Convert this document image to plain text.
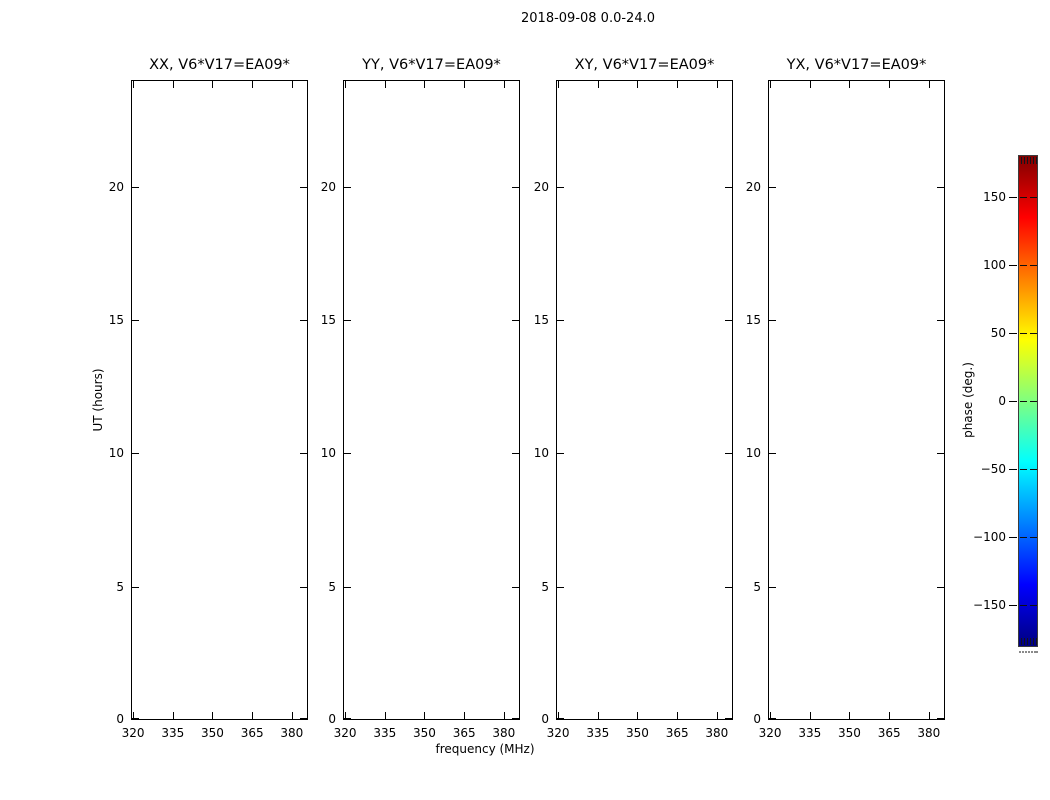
2018-09-08 0.0-24.0
XX, V6*V17=EA09*
320 335 350 365 380
0
5
10
15
20
YY, V6*V17=EA09*
320 335 350 365 380
0
5
10
15
20
XY, V6*V17=EA09*
320 335 350 365 380
0
5
10
15
20
YX, V6*V17=EA09*
320 335 350 365 380
0
5
10
15
20
frequency (MHz)
UT (hours)
150
100
50
0
−50
−100
−150
phase (deg.)
